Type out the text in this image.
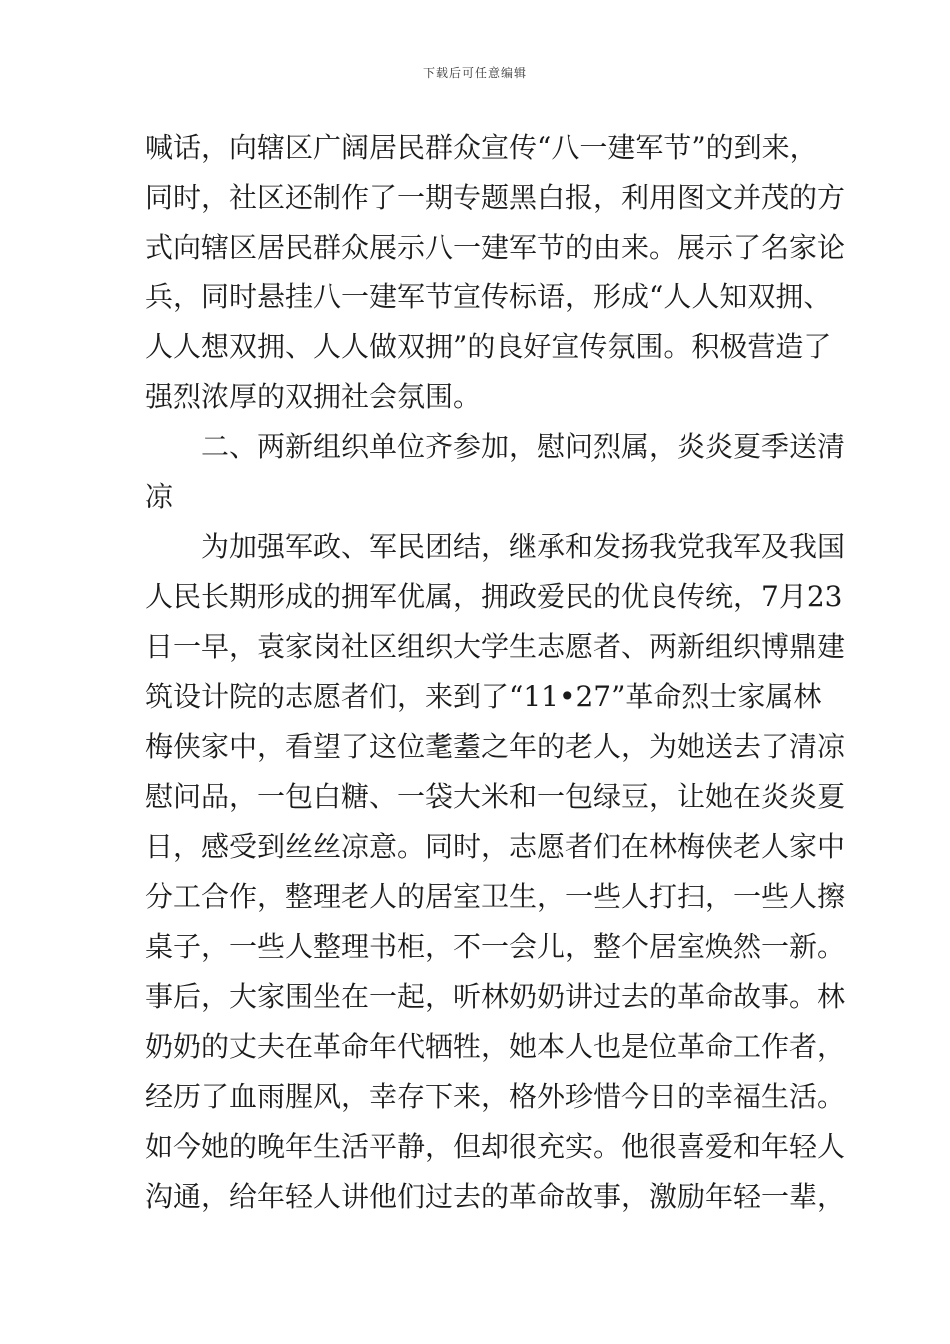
下载后可任意编辑
喊话，向辖区广阔居民群众宣传“八一建军节”的到来，
同时，社区还制作了一期专题黑白报，利用图文并茂的方
式向辖区居民群众展示八一建军节的由来。展示了名家论
兵，同时悬挂八一建军节宣传标语，形成“人人知双拥、
人人想双拥、人人做双拥”的良好宣传氛围。积极营造了
强烈浓厚的双拥社会氛围。
二、两新组织单位齐参加，慰问烈属，炎炎夏季送清
凉
为加强军政、军民团结，继承和发扬我党我军及我国
人民长期形成的拥军优属，拥政爱民的优良传统，7月23
日一早，袁家岗社区组织大学生志愿者、两新组织博鼎建
筑设计院的志愿者们，来到了“11•27”革命烈士家属林
梅侠家中，看望了这位耄耋之年的老人，为她送去了清凉
慰问品，一包白糖、一袋大米和一包绿豆，让她在炎炎夏
日，感受到丝丝凉意。同时，志愿者们在林梅侠老人家中
分工合作，整理老人的居室卫生，一些人打扫，一些人擦
桌子，一些人整理书柜，不一会儿，整个居室焕然一新。
事后，大家围坐在一起，听林奶奶讲过去的革命故事。林
奶奶的丈夫在革命年代牺牲，她本人也是位革命工作者，
经历了血雨腥风，幸存下来，格外珍惜今日的幸福生活。
如今她的晚年生活平静，但却很充实。他很喜爱和年轻人
沟通，给年轻人讲他们过去的革命故事，激励年轻一辈，
